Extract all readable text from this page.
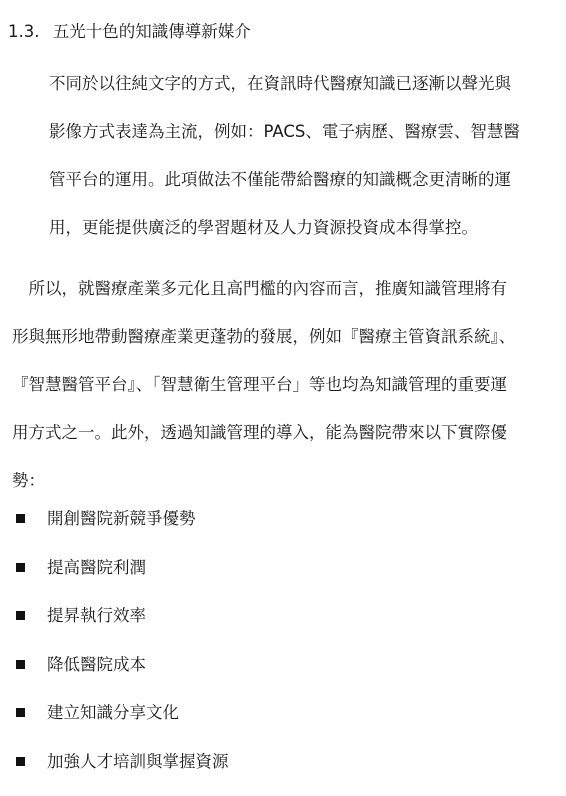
1.3. 五光十色的知識傳導新媒介
不同於以往純文字的方式，在資訊時代醫療知識已逐漸以聲光與
影像方式表達為主流，例如：PACS、電子病歷、醫療雲、智慧醫
管平台的運用。此項做法不僅能帶給醫療的知識概念更清晰的運
用，更能提供廣泛的學習題材及人力資源投資成本得掌控。
　所以，就醫療產業多元化且高門檻的內容而言，推廣知識管理將有
形與無形地帶動醫療產業更蓬勃的發展，例如『醫療主管資訊系統』、
『智慧醫管平台』、「智慧衛生管理平台」等也均為知識管理的重要運
用方式之一。此外，透過知識管理的導入，能為醫院帶來以下實際優
勢：
開創醫院新競爭優勢
提高醫院利潤
提昇執行效率
降低醫院成本
建立知識分享文化
加強人才培訓與掌握資源
